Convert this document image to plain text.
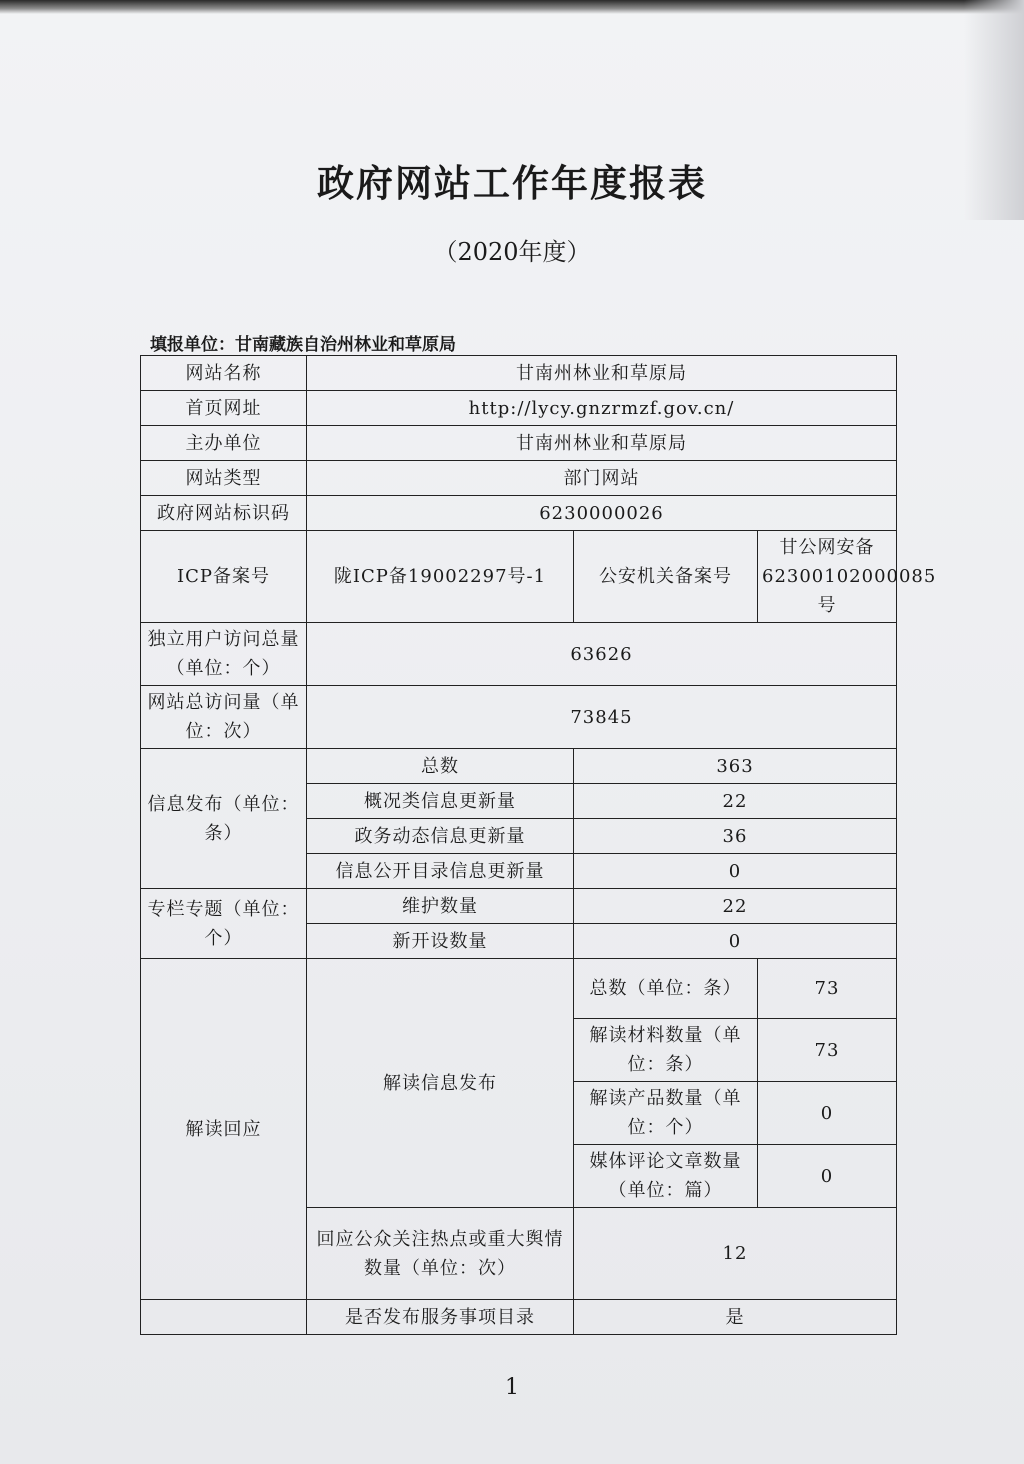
政府网站工作年度报表
（2020年度）
填报单位：甘南藏族自治州林业和草原局
网站名称	甘南州林业和草原局		
首页网址	http://lycy.gnzrmzf.gov.cn/		
主办单位	甘南州林业和草原局		
网站类型	部门网站		
政府网站标识码	6230000026		
ICP备案号	陇ICP备19002297号-1	公安机关备案号	甘公网安备62300102000085号
独立用户访问总量（单位：个）	63626		
网站总访问量（单位：次）	73845		
信息发布（单位：条）	总数	363	
	概况类信息更新量	22	
	政务动态信息更新量	36	
	信息公开目录信息更新量	0	
专栏专题（单位：个）	维护数量	22	
	新开设数量	0	
解读回应	解读信息发布	总数（单位：条）	73
		解读材料数量（单位：条）	73
		解读产品数量（单位：个）	0
		媒体评论文章数量（单位：篇）	0
	回应公众关注热点或重大舆情数量（单位：次）	12	
	是否发布服务事项目录	是	
1
